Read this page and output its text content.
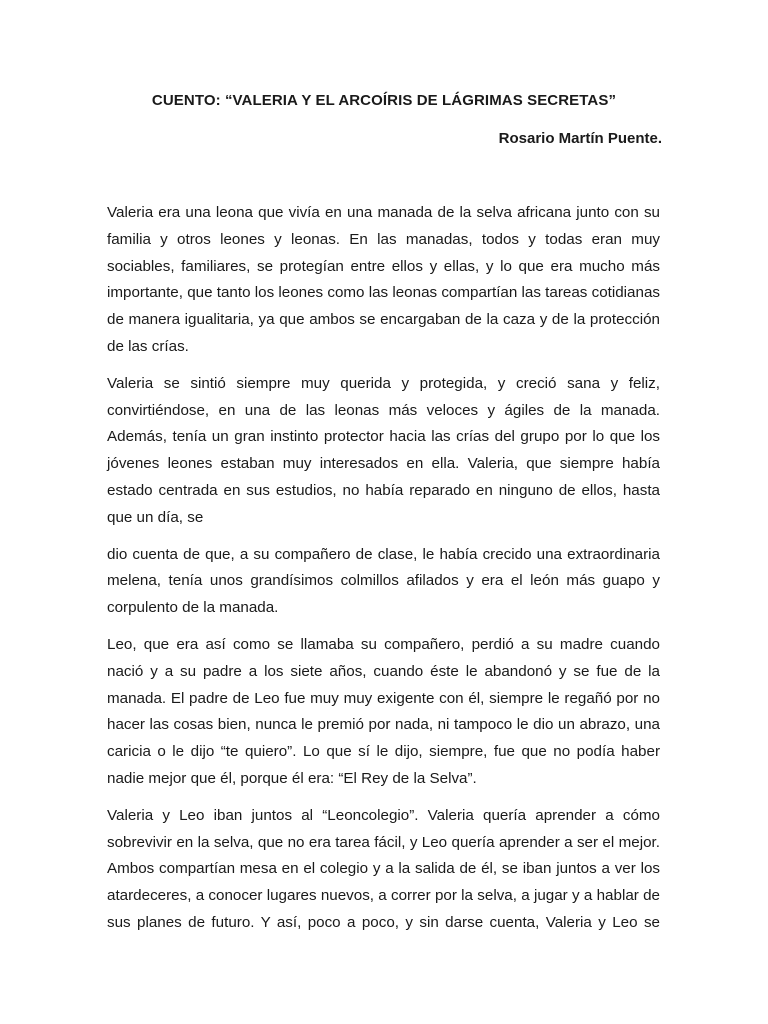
CUENTO: “VALERIA Y EL ARCOÍRIS DE LÁGRIMAS SECRETAS”

Rosario Martín Puente.

Valeria era una leona que vivía en una manada de la selva africana junto con su familia y otros leones y leonas. En las manadas, todos y todas eran muy sociables, familiares, se protegían entre ellos y ellas, y lo que era mucho más importante, que tanto los leones como las leonas compartían las tareas cotidianas de manera igualitaria, ya que ambos se encargaban de la caza y de la protección de las crías.

Valeria se sintió siempre muy querida y protegida, y creció sana y feliz, convirtiéndose, en una de las leonas más veloces y ágiles de la manada. Además, tenía un gran instinto protector hacia las crías del grupo por lo que los jóvenes leones estaban muy interesados en ella. Valeria, que siempre había estado centrada en sus estudios, no había reparado en ninguno de ellos, hasta que un día, se

dio cuenta de que, a su compañero de clase, le había crecido una extraordinaria melena, tenía unos grandísimos colmillos afilados y era el león más guapo y corpulento de la manada.

Leo, que era así como se llamaba su compañero, perdió a su madre cuando nació y a su padre a los siete años, cuando éste le abandonó y se fue de la manada. El padre de Leo fue muy muy exigente con él, siempre le regañó por no hacer las cosas bien, nunca le premió por nada, ni tampoco le dio un abrazo, una caricia o le dijo “te quiero”. Lo que sí le dijo, siempre, fue que no podía haber nadie mejor que él, porque él era: “El Rey de la Selva”.

Valeria y Leo iban juntos al “Leoncolegio”. Valeria quería aprender a cómo sobrevivir en la selva, que no era tarea fácil, y Leo quería aprender a ser el mejor. Ambos compartían mesa en el colegio y a la salida de él, se iban juntos a ver los atardeceres, a conocer lugares nuevos, a correr por la selva, a jugar y a hablar de sus planes de futuro. Y así, poco a poco, y sin darse cuenta, Valeria y Leo se
